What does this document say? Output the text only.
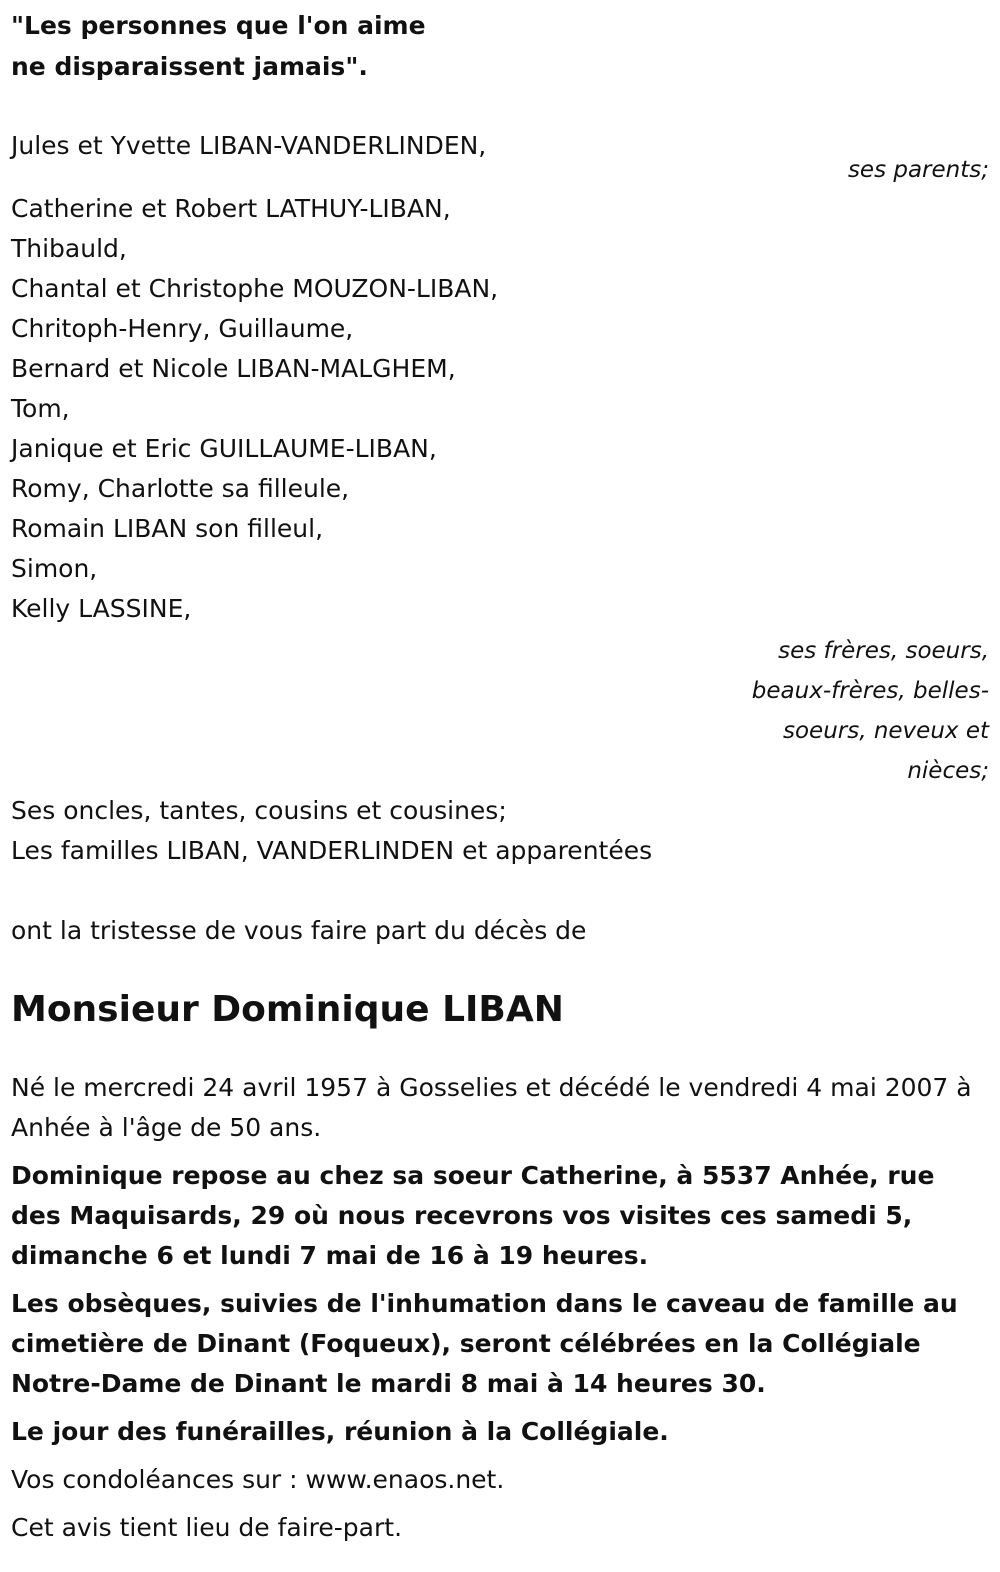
"Les personnes que l'on aime

ne disparaissent jamais".

Jules et Yvette LIBAN-VANDERLINDEN,

ses parents;

Catherine et Robert LATHUY-LIBAN,

Thibauld,

Chantal et Christophe MOUZON-LIBAN,

Chritoph-Henry, Guillaume,

Bernard et Nicole LIBAN-MALGHEM,

Tom,

Janique et Eric GUILLAUME-LIBAN,

Romy, Charlotte sa filleule,

Romain LIBAN son filleul,

Simon,

Kelly LASSINE,

ses frères, soeurs,

beaux-frères, belles-

soeurs, neveux et

nièces;

Ses oncles, tantes, cousins et cousines;

Les familles LIBAN, VANDERLINDEN et apparentées

ont la tristesse de vous faire part du décès de

Monsieur Dominique LIBAN

Né le mercredi 24 avril 1957 à Gosselies et décédé le vendredi 4 mai 2007 à Anhée à l'âge de 50 ans.

Dominique repose au chez sa soeur Catherine, à 5537 Anhée, rue des Maquisards, 29 où nous recevrons vos visites ces samedi 5, dimanche 6 et lundi 7 mai de 16 à 19 heures.

Les obsèques, suivies de l'inhumation dans le caveau de famille au cimetière de Dinant (Foqueux), seront célébrées en la Collégiale Notre-Dame de Dinant le mardi 8 mai à 14 heures 30.

Le jour des funérailles, réunion à la Collégiale.

Vos condoléances sur : www.enaos.net.

Cet avis tient lieu de faire-part.
